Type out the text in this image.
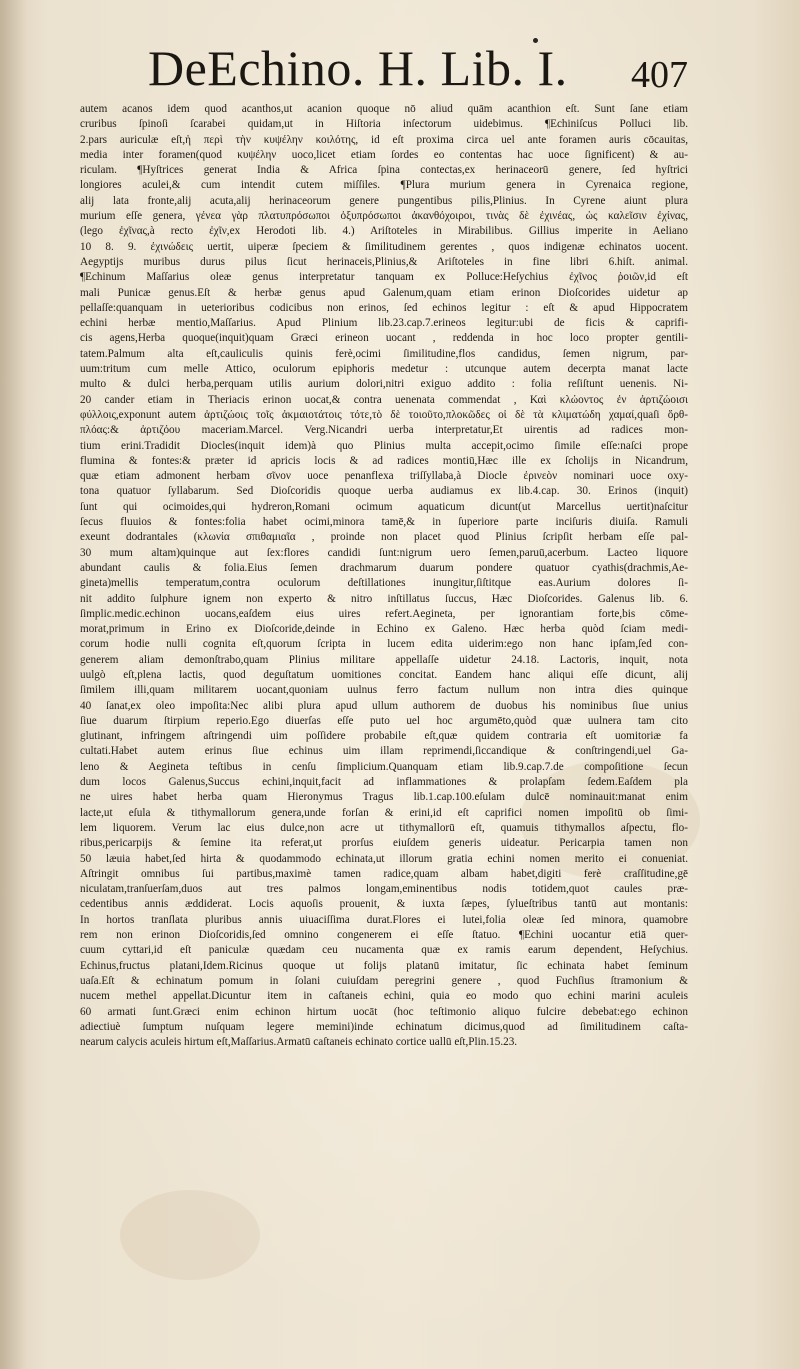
DeEchino. H. Lib. I. 407
autem acanos idem quod acanthos,ut acanion quoque nō aliud quām acanthion eſt. Sunt ſane etiam
cruribus ſpinoſi ſcarabei quidam,ut in Hiſtoria inſectorum uidebimus. ¶Echiniſcus Polluci lib.
2.pars auriculæ eſt,ἡ περὶ τὴν κυψέλην κοιλότης, id eſt proxima circa uel ante foramen auris cōcauitas,
media inter foramen(quod κυψέλην uoco,licet etiam ſordes eo contentas hac uoce ſignificent) & au-
riculam. ¶Hyſtrices generat India & Africa ſpina contectas,ex herinaceorū genere, ſed hyſtrici
longiores aculei,& cum intendit cutem miſſiles. ¶Plura murium genera in Cyrenaica regione,
alij lata fronte,alij acuta,alij herinaceorum genere pungentibus pilis,Plinius. In Cyrene aiunt plura
murium eſſe genera, γένεα γὰρ πλατυπρόσωποι ὀξυπρόσωποι ἀκανθόχοιροι, τινὰς δὲ ἐχινέας, ὡς καλεῖσιν ἐχίνας,
(lego ἐχῖνας,à recto ἐχῖν,ex Herodoti lib. 4.) Ariſtoteles in Mirabilibus. Gillius imperite in Aeliano
10 8. 9. ἐχινώδεις uertit, uiperæ ſpeciem & ſimilitudinem gerentes , quos indigenæ echinatos uocent.
Aegyptijs muribus durus pilus ſicut herinaceis,Plinius,& Ariſtoteles in fine libri 6.hiſt. animal.
¶Echinum Maſſarius oleæ genus interpretatur tanquam ex Polluce:Heſychius ἐχῖνος ῥοιῶν,id eſt
mali Punicæ genus.Eſt & herbæ genus apud Galenum,quam etiam erinon Dioſcorides uidetur ap
pellaſſe:quanquam in ueterioribus codicibus non erinos, ſed echinos legitur : eſt & apud Hippocratem
echini herbæ mentio,Maſſarius. Apud Plinium lib.23.cap.7.erineos legitur:ubi de ficis & caprifi-
cis agens,Herba quoque(inquit)quam Græci erineon uocant , reddenda in hoc loco propter gentili-
tatem.Palmum alta eſt,cauliculis quinis ferè,ocimi ſimilitudine,flos candidus, ſemen nigrum, par-
uum:tritum cum melle Attico, oculorum epiphoris medetur : utcunque autem decerpta manat lacte
multo & dulci herba,perquam utilis aurium dolori,nitri exiguo addito : folia reſiſtunt uenenis. Ni-
20 cander etiam in Theriacis erinon uocat,& contra uenenata commendat , Καὶ κλώοντος ἐν ἀρτιζώοισι
φύλλοις,exponunt autem ἀρτιζώοις τοῖς ἀκμαιοτάτοις τότε,τὸ δὲ τοιοῦτο,πλοκῶδες οἱ δὲ τὰ κλιματώδη χαμαί,quaſi ὄρθ-
πλόας:& ἀρτιζόου maceriam.Marcel. Verg.Nicandri uerba interpretatur,Et uirentis ad radices mon-
tium erini.Tradidit Diocles(inquit idem)à quo Plinius multa accepit,ocimo ſimile eſſe:naſci prope
flumina & fontes:& præter id apricis locis & ad radices montiū,Hæc ille ex ſcholijs in Nicandrum,
quæ etiam admonent herbam σῖνον uoce penanflexa triſſyllaba,à Diocle ἐρινεὸν nominari uoce oxy-
tona quatuor ſyllabarum. Sed Dioſcoridis quoque uerba audiamus ex lib.4.cap. 30. Erinos (inquit)
ſunt qui ocimoides,qui hydreron,Romani ocimum aquaticum dicunt(ut Marcellus uertit)naſcitur
ſecus fluuios & fontes:folia habet ocimi,minora tamē,& in ſuperiore parte inciſuris diuiſa. Ramuli
exeunt dodrantales (κλωνία σπιθαμιαῖα , proinde non placet quod Plinius ſcripſit herbam eſſe pal-
30 mum altam)quinque aut ſex:flores candidi ſunt:nigrum uero ſemen,paruū,acerbum. Lacteo liquore
abundant caulis & folia.Eius ſemen drachmarum duarum pondere quatuor cyathis(drachmis,Ae-
gineta)mellis temperatum,contra oculorum deſtillationes inungitur,ſiſtitque eas.Aurium dolores ſi-
nit addito ſulphure ignem non experto & nitro inſtillatus ſuccus, Hæc Dioſcorides. Galenus lib. 6.
ſimplic.medic.echinon uocans,eaſdem eius uires refert.Aegineta, per ignorantiam forte,bis cōme-
morat,primum in Erino ex Dioſcoride,deinde in Echino ex Galeno. Hæc herba quòd ſciam medi-
corum hodie nulli cognita eſt,quorum ſcripta in lucem edita uiderim:ego non hanc ipſam,ſed con-
generem aliam demonſtrabo,quam Plinius militare appellaſſe uidetur 24.18. Lactoris, inquit, nota
uulgò eſt,plena lactis, quod deguſtatum uomitiones concitat. Eandem hanc aliqui eſſe dicunt, alij
ſimilem illi,quam militarem uocant,quoniam uulnus ferro factum nullum non intra dies quinque
40 ſanat,ex oleo impoſita:Nec alibi plura apud ullum authorem de duobus his nominibus ſiue unius
ſiue duarum ſtirpium reperio.Ego diuerſas eſſe puto uel hoc argumēto,quòd quæ uulnera tam cito
glutinant, infringem aſtringendi uim poſſidere probabile eſt,quæ quidem contraria eſt uomitoriæ fa
cultati.Habet autem erinus ſiue echinus uim illam reprimendi,ſiccandique & conſtringendi,uel Ga-
leno & Aegineta teſtibus in cenſu ſimplicium.Quanquam etiam lib.9.cap.7.de compoſitione ſecun
dum locos Galenus,Succus echini,inquit,facit ad inflammationes & prolapſam ſedem.Eaſdem pla
ne uires habet herba quam Hieronymus Tragus lib.1.cap.100.eſulam dulcē nominauit:manat enim
lacte,ut eſula & tithymallorum genera,unde forſan & erini,id eſt caprifici nomen impoſitū ob ſimi-
lem liquorem. Verum lac eius dulce,non acre ut tithymallorū eſt, quamuis tithymallos aſpectu, flo-
ribus,pericarpijs & ſemine ita referat,ut prorſus eiuſdem generis uideatur. Pericarpia tamen non
50 læuia habet,ſed hirta & quodammodo echinata,ut illorum gratia echini nomen merito ei conueniat.
Aſtringit omnibus ſui partibus,maximè tamen radice,quam albam habet,digiti ferè craſſitudine,gē
niculatam,tranſuerſam,duos aut tres palmos longam,eminentibus nodis totidem,quot caules præ-
cedentibus annis æddiderat. Locis aquoſis prouenit, & iuxta ſæpes, ſylueſtribus tantū aut montanis:
In hortos tranſlata pluribus annis uiuaciſſima durat.Flores ei lutei,folia oleæ ſed minora, quamobre
rem non erinon Dioſcoridis,ſed omnino congenerem ei eſſe ſtatuo. ¶Echini uocantur etiā quer-
cuum cyttari,id eſt paniculæ quædam ceu nucamenta quæ ex ramis earum dependent, Heſychius.
Echinus,fructus platani,Idem.Ricinus quoque ut folijs platanū imitatur, ſic echinata habet ſeminum
uaſa.Eſt & echinatum pomum in ſolani cuiuſdam peregrini genere , quod Fuchſius ſtramonium &
nucem methel appellat.Dicuntur item in caſtaneis echini, quia eo modo quo echini marini aculeis
60 armati ſunt.Græci enim echinon hirtum uocāt (hoc teſtimonio aliquo fulcire debebat:ego echinon
adiectiuè ſumptum nuſquam legere memini)inde echinatum dicimus,quod ad ſimilitudinem caſta-
nearum calycis aculeis hirtum eſt,Maſſarius.Armatū caſtaneis echinato cortice uallū eſt,Plin.15.23.
